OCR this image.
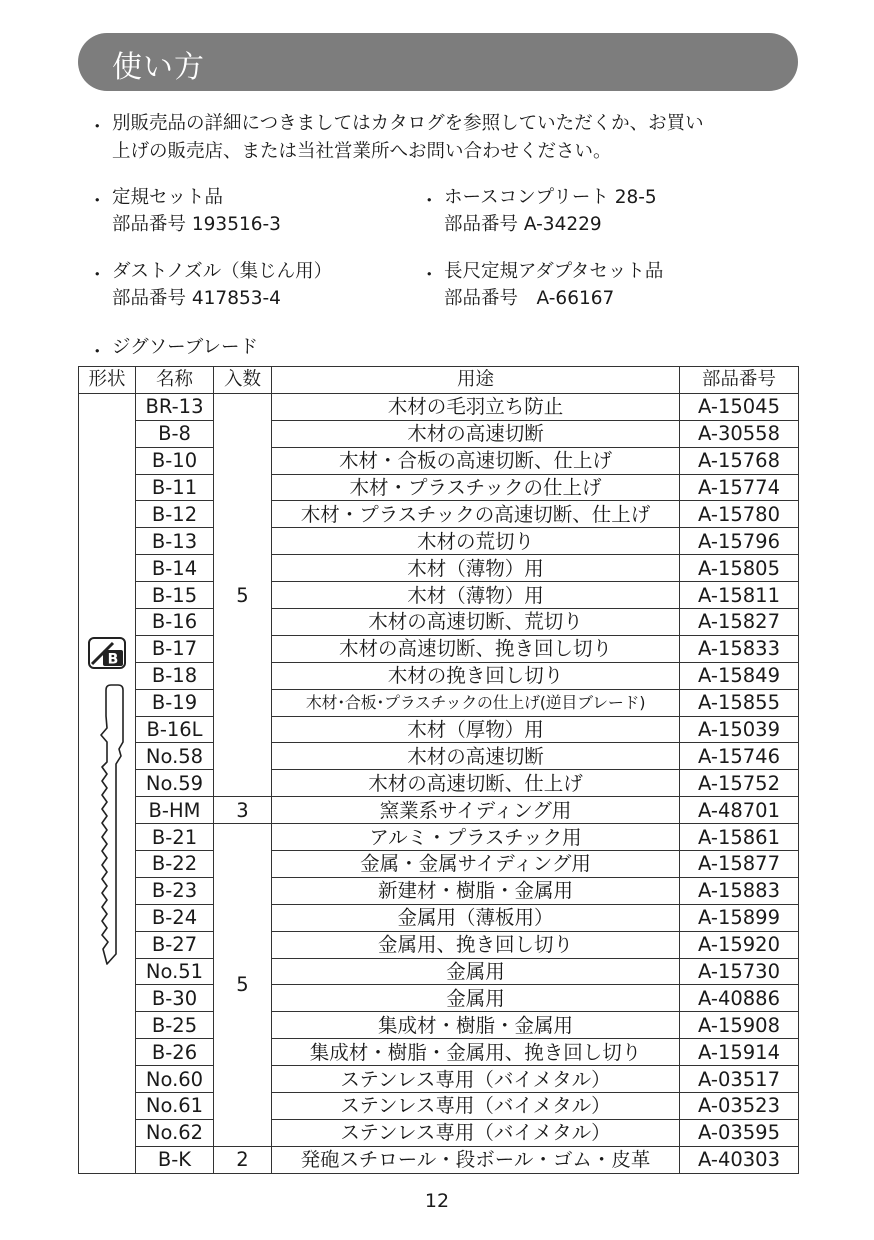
使い方
・ 別販売品の詳細につきましてはカタログを参照していただくか、お買い
上げの販売店、または当社営業所へお問い合わせください。
・ 定規セット品
部品番号 193516-3
・ ホースコンプリート 28-5
部品番号 A-34229
・ ダストノズル（集じん用）
部品番号 417853-4
・ 長尺定規アダプタセット品
部品番号　A-66167
・ ジグソーブレード
形状	名称	入数	用途	部品番号

B	BR-13	5	木材の毛羽立ち防止	A-15045
	B-8		木材の高速切断	A-30558
	B-10		木材・合板の高速切断、仕上げ	A-15768
	B-11		木材・プラスチックの仕上げ	A-15774
	B-12		木材・プラスチックの高速切断、仕上げ	A-15780
	B-13		木材の荒切り	A-15796
	B-14		木材（薄物）用	A-15805
	B-15		木材（薄物）用	A-15811
	B-16		木材の高速切断、荒切り	A-15827
	B-17		木材の高速切断、挽き回し切り	A-15833
	B-18		木材の挽き回し切り	A-15849
	B-19		木材･合板･プラスチックの仕上げ(逆目ブレード)	A-15855
	B-16L		木材（厚物）用	A-15039
	No.58		木材の高速切断	A-15746
	No.59		木材の高速切断、仕上げ	A-15752
	B-HM	3	窯業系サイディング用	A-48701
	B-21	5	アルミ・プラスチック用	A-15861
	B-22		金属・金属サイディング用	A-15877
	B-23		新建材・樹脂・金属用	A-15883
	B-24		金属用（薄板用）	A-15899
	B-27		金属用、挽き回し切り	A-15920
	No.51		金属用	A-15730
	B-30		金属用	A-40886
	B-25		集成材・樹脂・金属用	A-15908
	B-26		集成材・樹脂・金属用、挽き回し切り	A-15914
	No.60		ステンレス専用（バイメタル）	A-03517
	No.61		ステンレス専用（バイメタル）	A-03523
	No.62		ステンレス専用（バイメタル）	A-03595
	B-K	2	発砲スチロール・段ボール・ゴム・皮革	A-40303
12
